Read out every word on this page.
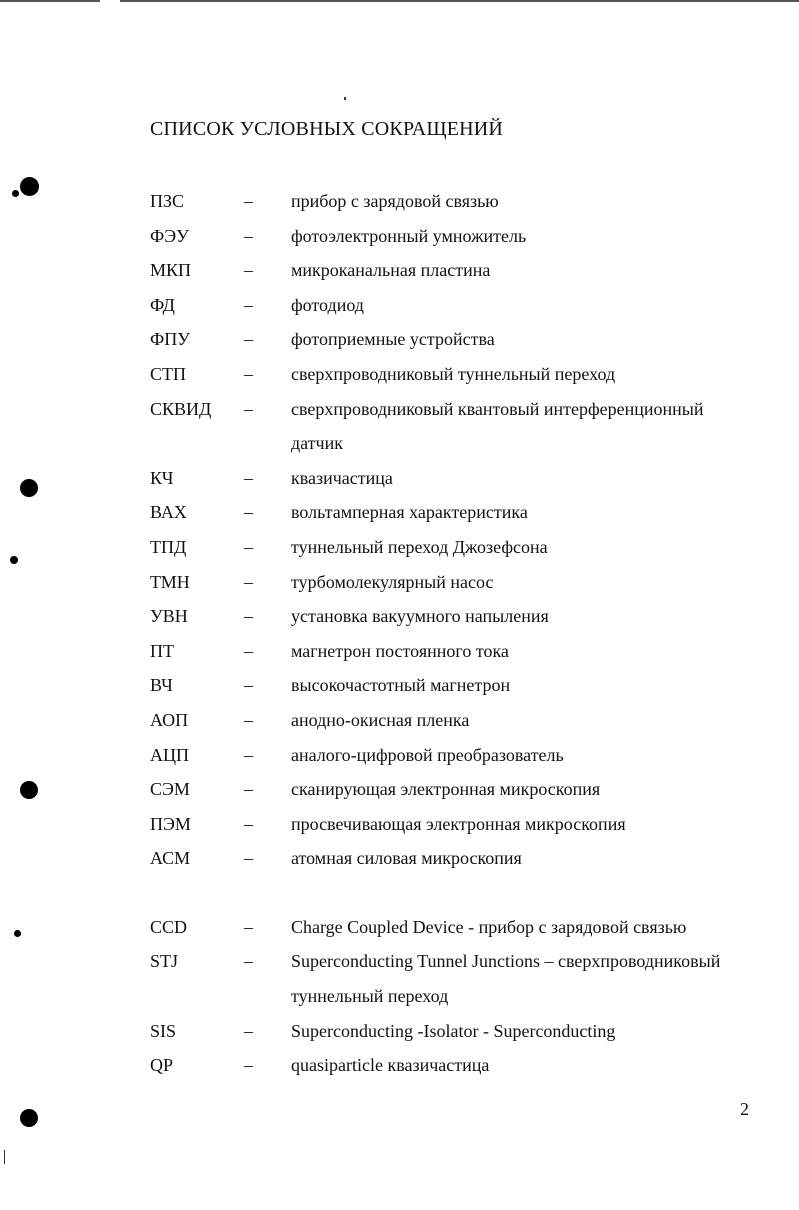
СПИСОК УСЛОВНЫХ СОКРАЩЕНИЙ
ПЗС	–	прибор с зарядовой связью
ФЭУ	–	фотоэлектронный умножитель
МКП	–	микроканальная пластина
ФД	–	фотодиод
ФПУ	–	фотоприемные устройства
СТП	–	сверхпроводниковый туннельный переход
СКВИД	–	сверхпроводниковый квантовый интерференционный датчик
КЧ	–	квазичастица
ВАХ	–	вольтамперная характеристика
ТПД	–	туннельный переход Джозефсона
ТМН	–	турбомолекулярный насос
УВН	–	установка вакуумного напыления
ПТ	–	магнетрон постоянного тока
ВЧ	–	высокочастотный магнетрон
АОП	–	анодно-окисная пленка
АЦП	–	аналого-цифровой преобразователь
СЭМ	–	сканирующая электронная микроскопия
ПЭМ	–	просвечивающая электронная микроскопия
АСМ	–	атомная силовая микроскопия
CCD	–	Charge Coupled Device - прибор с зарядовой связью
STJ	–	Superconducting Tunnel Junctions – сверхпроводниковый туннельный переход
SIS	–	Superconducting -Isolator - Superconducting
QP	–	quasiparticle квазичастица
2
